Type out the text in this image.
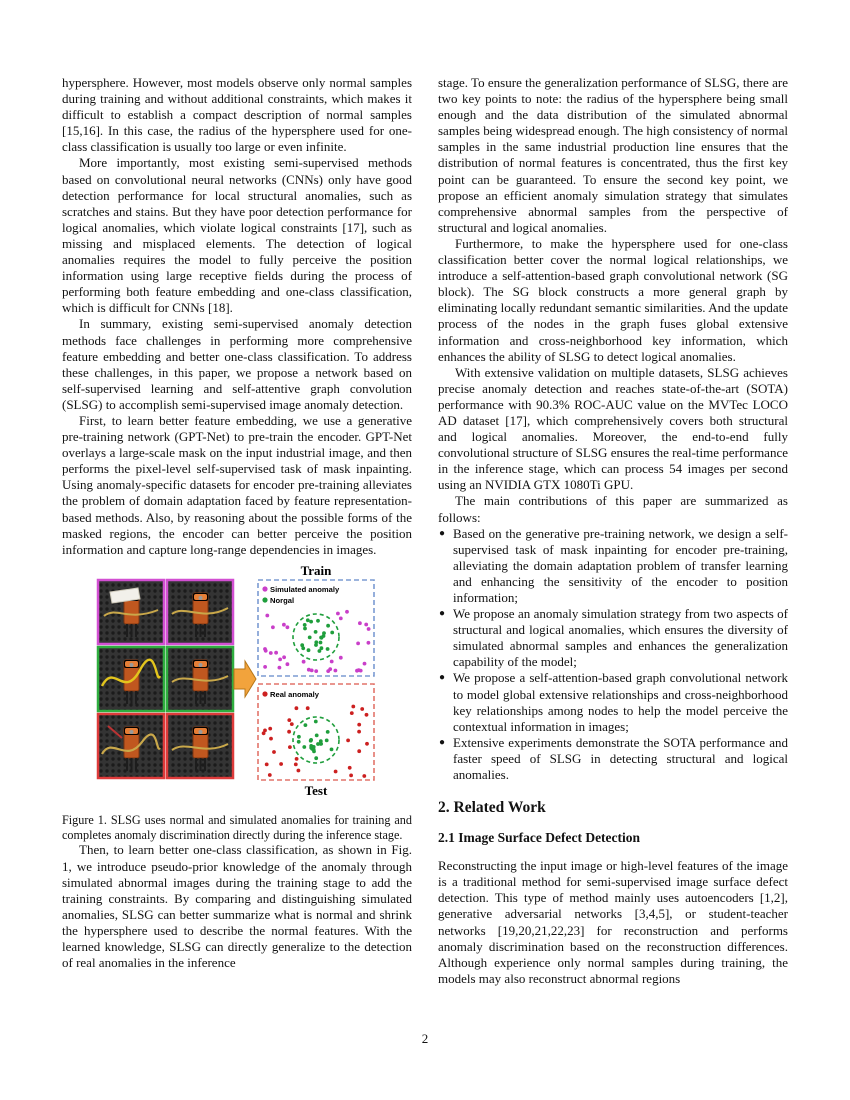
hypersphere. However, most models observe only normal samples during training and without additional constraints, which makes it difficult to establish a compact description of normal samples [15,16]. In this case, the radius of the hypersphere used for one-class classification is usually too large or even infinite.

More importantly, most existing semi-supervised methods based on convolutional neural networks (CNNs) only have good detection performance for local structural anomalies, such as scratches and stains. But they have poor detection performance for logical anomalies, which violate logical constraints [17], such as missing and misplaced elements. The detection of logical anomalies requires the model to fully perceive the position information using large receptive fields during the process of performing both feature embedding and one-class classification, which is difficult for CNNs [18].

In summary, existing semi-supervised anomaly detection methods face challenges in performing more comprehensive feature embedding and better one-class classification. To address these challenges, in this paper, we propose a network based on self-supervised learning and self-attentive graph convolution (SLSG) to accomplish semi-supervised image anomaly detection.

First, to learn better feature embedding, we use a generative pre-training network (GPT-Net) to pre-train the encoder. GPT-Net overlays a large-scale mask on the input industrial image, and then performs the pixel-level self-supervised task of mask inpainting. Using anomaly-specific datasets for encoder pre-training alleviates the problem of domain adaptation faced by feature representation-based methods. Also, by reasoning about the possible forms of the masked regions, the encoder can better perceive the position information and capture long-range dependencies in images.

Train
Simulated anomaly
Norgal
Real anomaly
Test
Figure 1. SLSG uses normal and simulated anomalies for training and completes anomaly discrimination directly during the inference stage.

Then, to learn better one-class classification, as shown in Fig. 1, we introduce pseudo-prior knowledge of the anomaly through simulated abnormal images during the training stage to add the training constraints. By comparing and distinguishing simulated anomalies, SLSG can better summarize what is normal and shrink the hypersphere used to describe the normal features. With the learned knowledge, SLSG can directly generalize to the detection of real anomalies in the inference

stage. To ensure the generalization performance of SLSG, there are two key points to note: the radius of the hypersphere being small enough and the data distribution of the simulated abnormal samples being widespread enough. The high consistency of normal samples in the same industrial production line ensures that the distribution of normal features is concentrated, thus the first key point can be guaranteed. To ensure the second key point, we propose an efficient anomaly simulation strategy that simulates comprehensive abnormal samples from the perspective of structural and logical anomalies.

Furthermore, to make the hypersphere used for one-class classification better cover the normal logical relationships, we introduce a self-attention-based graph convolutional network (SG block). The SG block constructs a more general graph by eliminating locally redundant semantic similarities. And the update process of the nodes in the graph fuses global extensive information and cross-neighborhood key information, which enhances the ability of SLSG to detect logical anomalies.

With extensive validation on multiple datasets, SLSG achieves precise anomaly detection and reaches state-of-the-art (SOTA) performance with 90.3% ROC-AUC value on the MVTec LOCO AD dataset [17], which comprehensively covers both structural and logical anomalies. Moreover, the end-to-end fully convolutional structure of SLSG ensures the real-time performance in the inference stage, which can process 54 images per second using an NVIDIA GTX 1080Ti GPU.

The main contributions of this paper are summarized as follows:

● Based on the generative pre-training network, we design a self-supervised task of mask inpainting for encoder pre-training, alleviating the domain adaptation problem of transfer learning and enhancing the sensitivity of the encoder to position information;
● We propose an anomaly simulation strategy from two aspects of structural and logical anomalies, which ensures the diversity of simulated abnormal samples and enhances the generalization capability of the model;
● We propose a self-attention-based graph convolutional network to model global extensive relationships and cross-neighborhood key relationships among nodes to help the model perceive the contextual information in images;
● Extensive experiments demonstrate the SOTA performance and faster speed of SLSG in detecting structural and logical anomalies.
2. Related Work
2.1 Image Surface Defect Detection

Reconstructing the input image or high-level features of the image is a traditional method for semi-supervised image surface defect detection. This type of method mainly uses autoencoders [1,2], generative adversarial networks [3,4,5], or student-teacher networks [19,20,21,22,23] for reconstruction and performs anomaly discrimination based on the reconstruction differences. Although experience only normal samples during training, the models may also reconstruct abnormal regions

2
